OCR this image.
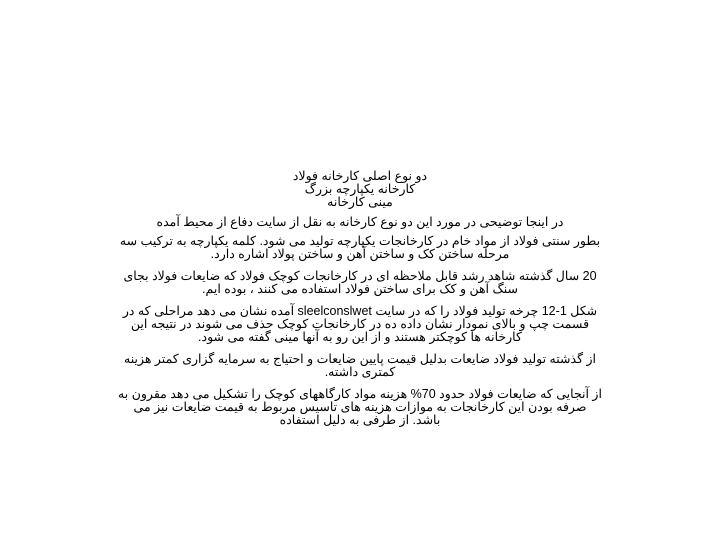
دو نوع اصلی کارخانه فولاد
کارخانه یکپارچه بزرگ
مینی کارخانه
در اینجا توضیحی در مورد این دو نوع کارخانه به نقل از سایت دفاع از محیط آمده
بطور سنتی فولاد از مواد خام در کارخانجات یکپارچه تولید می شود. کلمه یکپارچه به ترکیب سه مرحله ساختن کک و ساختن آهن و ساختن پولاد اشاره دارد.
20 سال گذشته شاهد رشد قابل ملاحظه ای در کارخانجات کوچک فولاد که ضایعات فولاد بجای سنگ آهن و کک برای ساختن فولاد استفاده می کنند ، بوده ایم.
شکل 1-12 چرخه تولید فولاد را که در سایت sleelconslwet آمده نشان می دهد مراحلی که در قسمت چپ و بالای نمودار نشان داده ده در کارخانجات کوچک حذف می شوند در نتیجه این کارخانه ها کوچکتر هستند و از این رو به آنها مینی گفته می شود.
از گذشته تولید فولاد ضایعات بدلیل قیمت پایین ضایعات و احتیاج به سرمایه گزاری کمتر هزینه کمتری داشته.
از آنجایی که ضایعات فولاد حدود 70% هزینه مواد کارگاههای کوچک را تشکیل می دهد مقرون به صرفه بودن این کارخانجات به موازات هزینه های تاسیس مربوط به قیمت ضایعات نیز می باشد. از طرفی به دلیل استفاده
